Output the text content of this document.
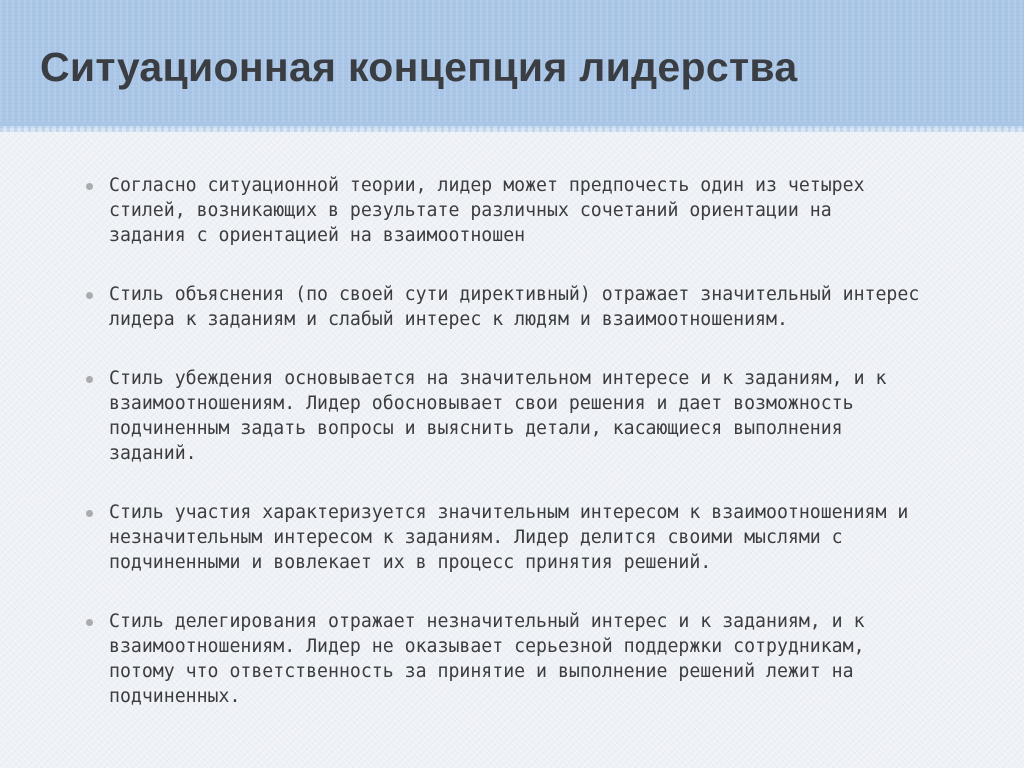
Ситуационная концепция лидерства
Согласно ситуационной теории, лидер может предпочесть один из четырех
стилей, возникающих в результате различных сочетаний ориентации на
задания с ориентацией на взаимоотношен
Стиль объяснения (по своей сути директивный) отражает значительный интерес
лидера к заданиям и слабый интерес к людям и взаимоотношениям.
Стиль убеждения основывается на значительном интересе и к заданиям, и к
взаимоотношениям. Лидер обосновывает свои решения и дает возможность
подчиненным задать вопросы и выяснить детали, касающиеся выполнения
заданий.
Стиль участия характеризуется значительным интересом к взаимоотношениям и
незначительным интересом к заданиям. Лидер делится своими мыслями с
подчиненными и вовлекает их в процесс принятия решений.
Стиль делегирования отражает незначительный интерес и к заданиям, и к
взаимоотношениям. Лидер не оказывает серьезной поддержки сотрудникам,
потому что ответственность за принятие и выполнение решений лежит на
подчиненных.
